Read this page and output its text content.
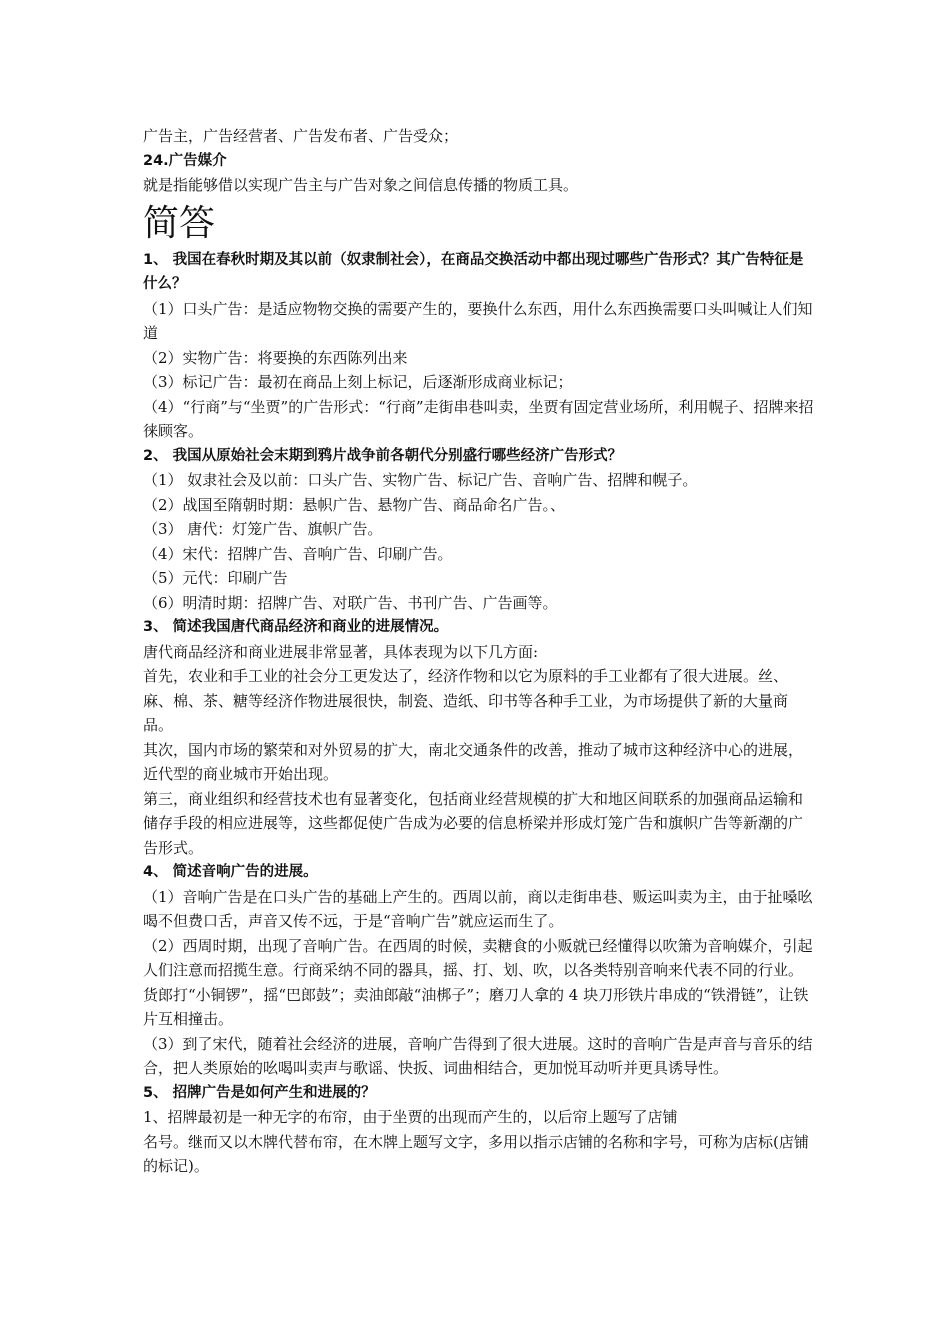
广告主，广告经营者、广告发布者、广告受众；

24.广告媒介

就是指能够借以实现广告主与广告对象之间信息传播的物质工具。

简答

1、 我国在春秋时期及其以前（奴隶制社会），在商品交换活动中都出现过哪些广告形式？其广告特征是什么？

（1）口头广告：是适应物物交换的需要产生的，要换什么东西，用什么东西换需要口头叫喊让人们知道

（2）实物广告：将要换的东西陈列出来

（3）标记广告：最初在商品上刻上标记，后逐渐形成商业标记；

（4）“行商”与“坐贾”的广告形式：“行商”走街串巷叫卖，坐贾有固定营业场所，利用幌子、招牌来招徕顾客。

2、 我国从原始社会末期到鸦片战争前各朝代分别盛行哪些经济广告形式？

（1） 奴隶社会及以前：口头广告、实物广告、标记广告、音响广告、招牌和幌子。

（2）战国至隋朝时期：悬帜广告、悬物广告、商品命名广告。、

（3） 唐代：灯笼广告、旗帜广告。

（4）宋代：招牌广告、音响广告、印刷广告。

（5）元代：印刷广告

（6）明清时期：招牌广告、对联广告、书刊广告、广告画等。

3、 简述我国唐代商品经济和商业的进展情况。

唐代商品经济和商业进展非常显著，具体表现为以下几方面:

首先，农业和手工业的社会分工更发达了，经济作物和以它为原料的手工业都有了很大进展。丝、麻、棉、茶、糖等经济作物进展很快，制瓷、造纸、印书等各种手工业，为市场提供了新的大量商品。

其次，国内市场的繁荣和对外贸易的扩大，南北交通条件的改善，推动了城市这种经济中心的进展，近代型的商业城市开始出现。

第三，商业组织和经营技术也有显著变化，包括商业经营规模的扩大和地区间联系的加强商品运输和储存手段的相应进展等，这些都促使广告成为必要的信息桥梁并形成灯笼广告和旗帜广告等新潮的广告形式。

4、 简述音响广告的进展。

（1）音响广告是在口头广告的基础上产生的。西周以前，商以走街串巷、贩运叫卖为主，由于扯嗓吆喝不但费口舌，声音又传不远，于是“音响广告”就应运而生了。

（2）西周时期，出现了音响广告。在西周的时候，卖糖食的小贩就已经懂得以吹箫为音响媒介，引起人们注意而招揽生意。行商采纳不同的器具，摇、打、划、吹，以各类特别音响来代表不同的行业。货郎打“小铜锣”，摇“巴郎鼓”；卖油郎敲“油梆子”；磨刀人拿的 4 块刀形铁片串成的“铁滑链”，让铁片互相撞击。

（3）到了宋代，随着社会经济的进展，音响广告得到了很大进展。这时的音响广告是声音与音乐的结合，把人类原始的吆喝叫卖声与歌谣、快扳、词曲相结合，更加悦耳动听并更具诱导性。

5、 招牌广告是如何产生和进展的？

1、招牌最初是一种无字的布帘，由于坐贾的出现而产生的，以后帘上题写了店铺

名号。继而又以木牌代替布帘，在木牌上题写文字，多用以指示店铺的名称和字号，可称为店标(店铺的标记)。
